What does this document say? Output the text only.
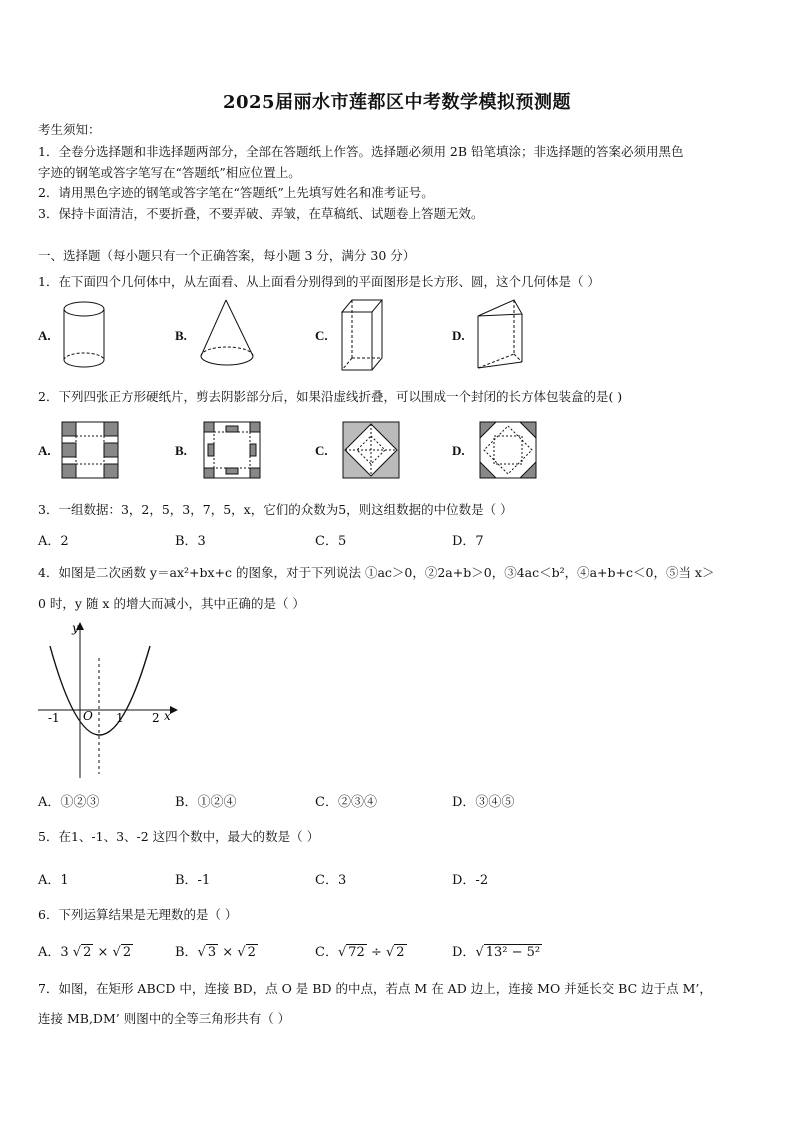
2025届丽水市莲都区中考数学模拟预测题
考生须知：
1．全卷分选择题和非选择题两部分，全部在答题纸上作答。选择题必须用 2B 铅笔填涂；非选择题的答案必须用黑色
字迹的钢笔或答字笔写在“答题纸”相应位置上。
2．请用黑色字迹的钢笔或答字笔在“答题纸”上先填写姓名和准考证号。
3．保持卡面清洁，不要折叠，不要弄破、弄皱，在草稿纸、试题卷上答题无效。
一、选择题（每小题只有一个正确答案，每小题 3 分，满分 30 分）
1．在下面四个几何体中，从左面看、从上面看分别得到的平面图形是长方形、圆，这个几何体是（ ）
A.	B.	C.	D.
2．下列四张正方形硬纸片，剪去阴影部分后，如果沿虚线折叠，可以围成一个封闭的长方体包装盒的是( )
A.	B.	C.	D.
3．一组数据：3，2，5，3，7，5，x，它们的众数为5，则这组数据的中位数是（ ）
A．2	B．3	C．5	D．7
4．如图是二次函数 y＝ax²+bx+c 的图象，对于下列说法 ①ac＞0，②2a+b＞0，③4ac＜b²，④a+b+c＜0，⑤当 x＞
0 时，y 随 x 的增大而减小，其中正确的是（ ）
y
x
O
-1	1 2
A．①②③	B．①②④	C．②③④	D．③④⑤
5．在1、-1、3、-2 这四个数中，最大的数是（ ）
A．1	B．-1	C．3	D．-2
6．下列运算结果是无理数的是（ ）
A．3 √ 2 × √ 2	B．√ 3 × √ 2	C．√ 72 ÷ √ 2	D．√ 13² − 5²
7．如图，在矩形 ABCD 中，连接 BD，点 O 是 BD 的中点，若点 M 在 AD 边上，连接 MO 并延长交 BC 边于点 M’，
连接 MB,DM’ 则图中的全等三角形共有（ ）
